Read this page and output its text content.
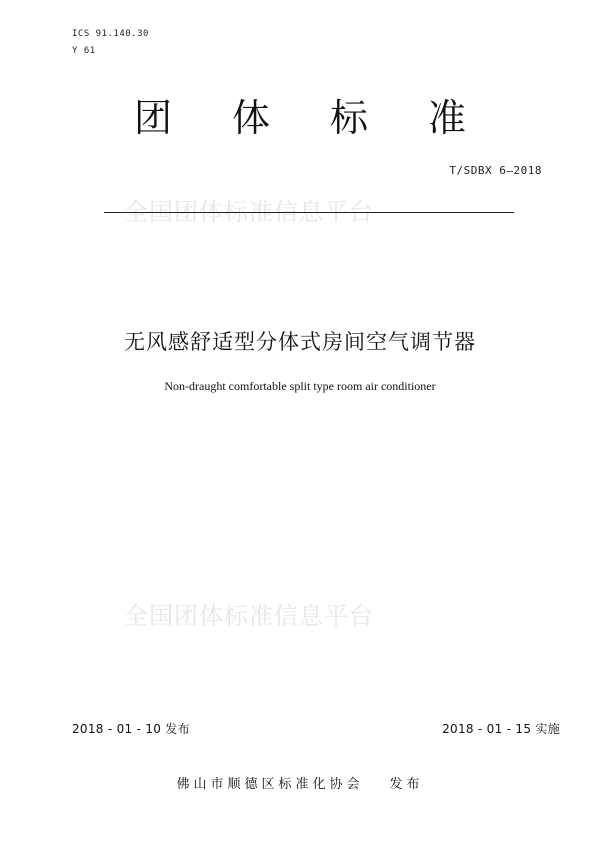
ICS 91.140.30
Y 61
团 体 标 准
T/SDBX 6—2018
全国团体标准信息平台
无风感舒适型分体式房间空气调节器
Non-draught comfortable split type room air conditioner
全国团体标准信息平台
2018 - 01 - 10 发布	2018 - 01 - 15 实施
佛山市顺德区标准化协会 发布
